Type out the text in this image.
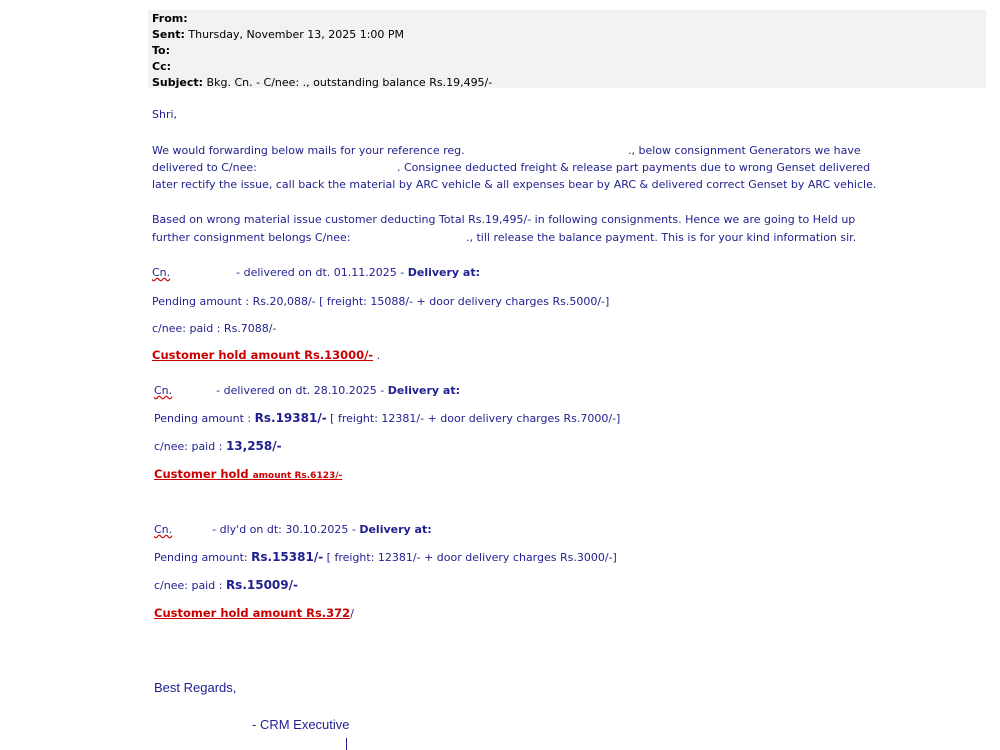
From:
Sent: Thursday, November 13, 2025 1:00 PM
To:
Cc:
Subject: Bkg. Cn. - C/nee: ., outstanding balance Rs.19,495/-
Shri,
We would forwarding below mails for your reference reg.	., below consignment Generators we have
delivered to C/nee:	. Consignee deducted freight & release part payments due to wrong Genset delivered
later rectify the issue, call back the material by ARC vehicle & all expenses bear by ARC & delivered correct Genset by ARC vehicle.
Based on wrong material issue customer deducting Total Rs.19,495/- in following consignments. Hence we are going to Held up
further consignment belongs C/nee:	., till release the balance payment. This is for your kind information sir.
Cn.	- delivered on dt. 01.11.2025 - Delivery at:
Pending amount : Rs.20,088/- [ freight: 15088/- + door delivery charges Rs.5000/-]
c/nee: paid : Rs.7088/-
Customer hold amount Rs.13000/- .
Cn.	- delivered on dt. 28.10.2025 - Delivery at:
Pending amount : Rs.19381/- [ freight: 12381/- + door delivery charges Rs.7000/-]
c/nee: paid : 13,258/-
Customer hold amount Rs.6123/-
Cn.	- dly'd on dt: 30.10.2025 - Delivery at:
Pending amount: Rs.15381/- [ freight: 12381/- + door delivery charges Rs.3000/-]
c/nee: paid : Rs.15009/-
Customer hold amount Rs.372/
Best Regards,
- CRM Executive
